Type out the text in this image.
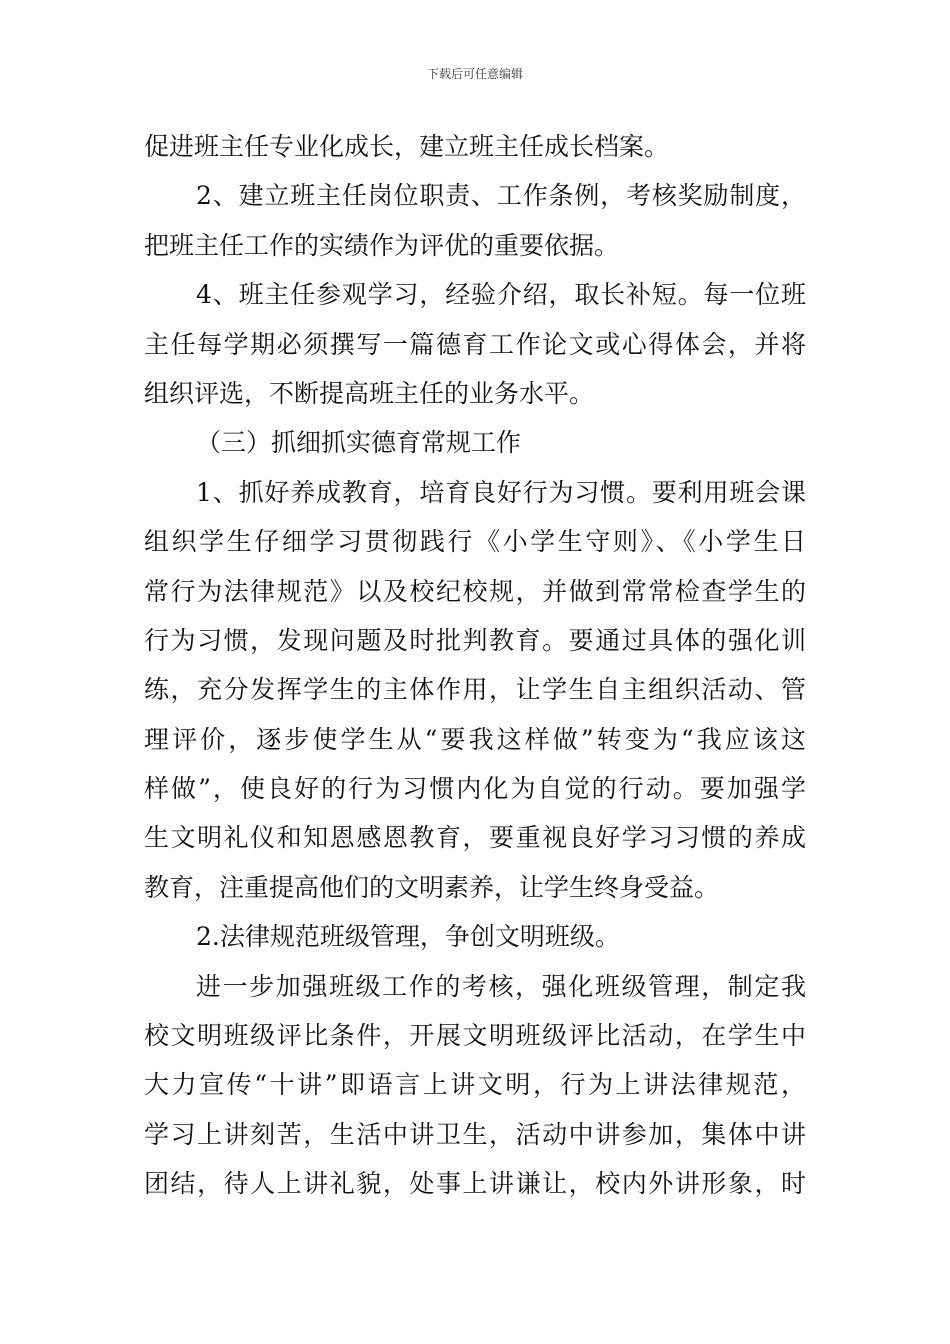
下载后可任意编辑
促进班主任专业化成长，建立班主任成长档案。
2、建立班主任岗位职责、工作条例，考核奖励制度，
把班主任工作的实绩作为评优的重要依据。
4、班主任参观学习，经验介绍，取长补短。每一位班
主任每学期必须撰写一篇德育工作论文或心得体会，并将
组织评选，不断提高班主任的业务水平。
（三）抓细抓实德育常规工作
1、抓好养成教育，培育良好行为习惯。要利用班会课
组织学生仔细学习贯彻践行《小学生守则》、《小学生日
常行为法律规范》以及校纪校规，并做到常常检查学生的
行为习惯，发现问题及时批判教育。要通过具体的强化训
练，充分发挥学生的主体作用，让学生自主组织活动、管
理评价，逐步使学生从“要我这样做”转变为“我应该这
样做”，使良好的行为习惯内化为自觉的行动。要加强学
生文明礼仪和知恩感恩教育，要重视良好学习习惯的养成
教育，注重提高他们的文明素养，让学生终身受益。
2.法律规范班级管理，争创文明班级。
进一步加强班级工作的考核，强化班级管理，制定我
校文明班级评比条件，开展文明班级评比活动，在学生中
大力宣传“十讲”即语言上讲文明，行为上讲法律规范，
学习上讲刻苦，生活中讲卫生，活动中讲参加，集体中讲
团结，待人上讲礼貌，处事上讲谦让，校内外讲形象，时
